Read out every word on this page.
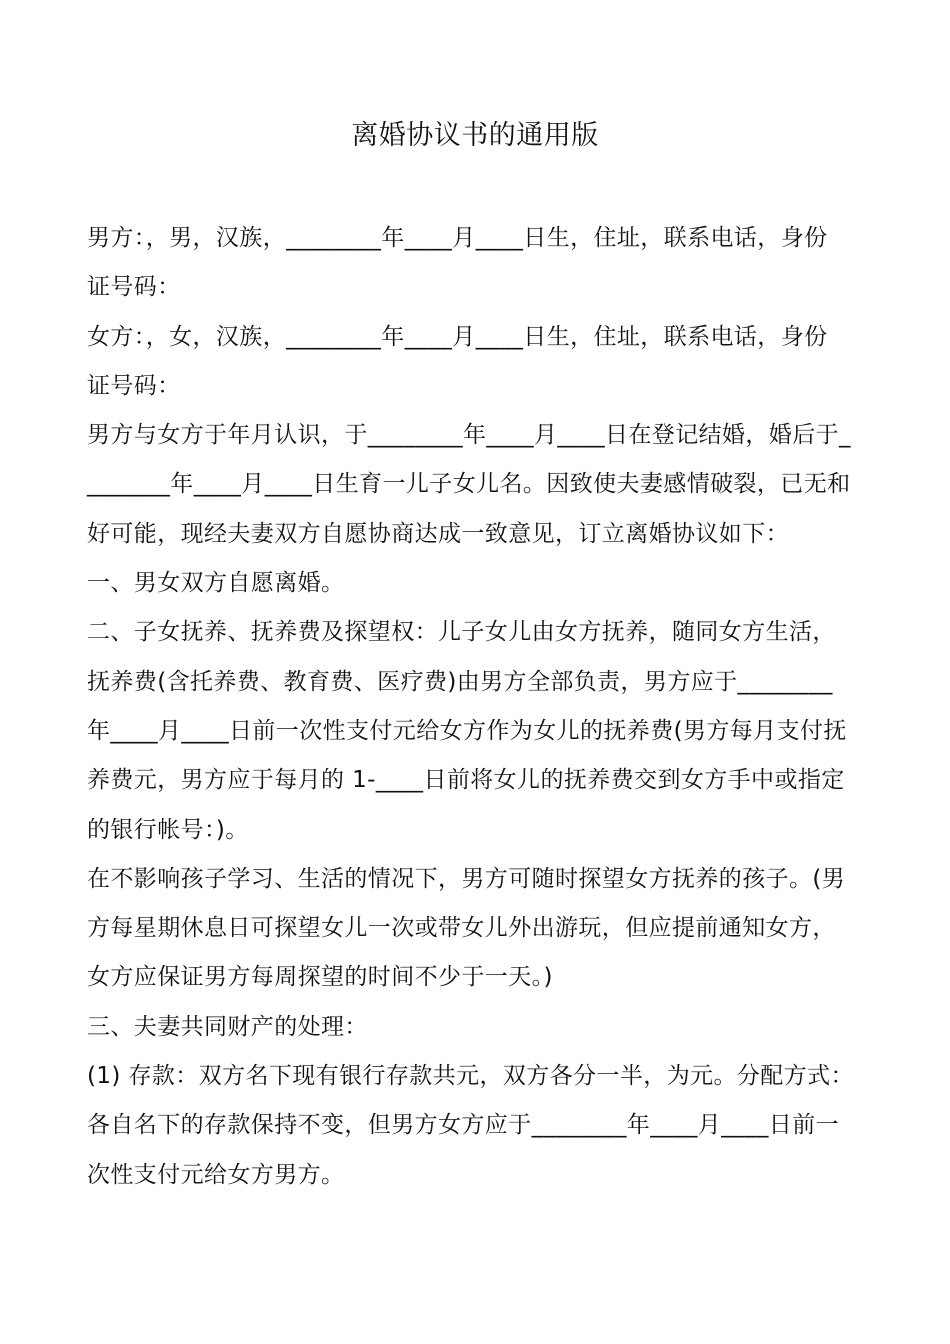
离婚协议书的通用版
男方：，男，汉族，________年____月____日生，住址，联系电话，身份
证号码：
女方：，女，汉族，________年____月____日生，住址，联系电话，身份
证号码：
男方与女方于年月认识，于________年____月____日在登记结婚，婚后于_
_______年____月____日生育一儿子女儿名。因致使夫妻感情破裂，已无和
好可能，现经夫妻双方自愿协商达成一致意见，订立离婚协议如下：
一、男女双方自愿离婚。
二、子女抚养、抚养费及探望权：儿子女儿由女方抚养，随同女方生活，
抚养费(含托养费、教育费、医疗费)由男方全部负责，男方应于________
年____月____日前一次性支付元给女方作为女儿的抚养费(男方每月支付抚
养费元，男方应于每月的 1-____日前将女儿的抚养费交到女方手中或指定
的银行帐号：)。
在不影响孩子学习、生活的情况下，男方可随时探望女方抚养的孩子。(男
方每星期休息日可探望女儿一次或带女儿外出游玩，但应提前通知女方，
女方应保证男方每周探望的时间不少于一天。)
三、夫妻共同财产的处理：
(1) 存款：双方名下现有银行存款共元，双方各分一半，为元。分配方式：
各自名下的存款保持不变，但男方女方应于________年____月____日前一
次性支付元给女方男方。
